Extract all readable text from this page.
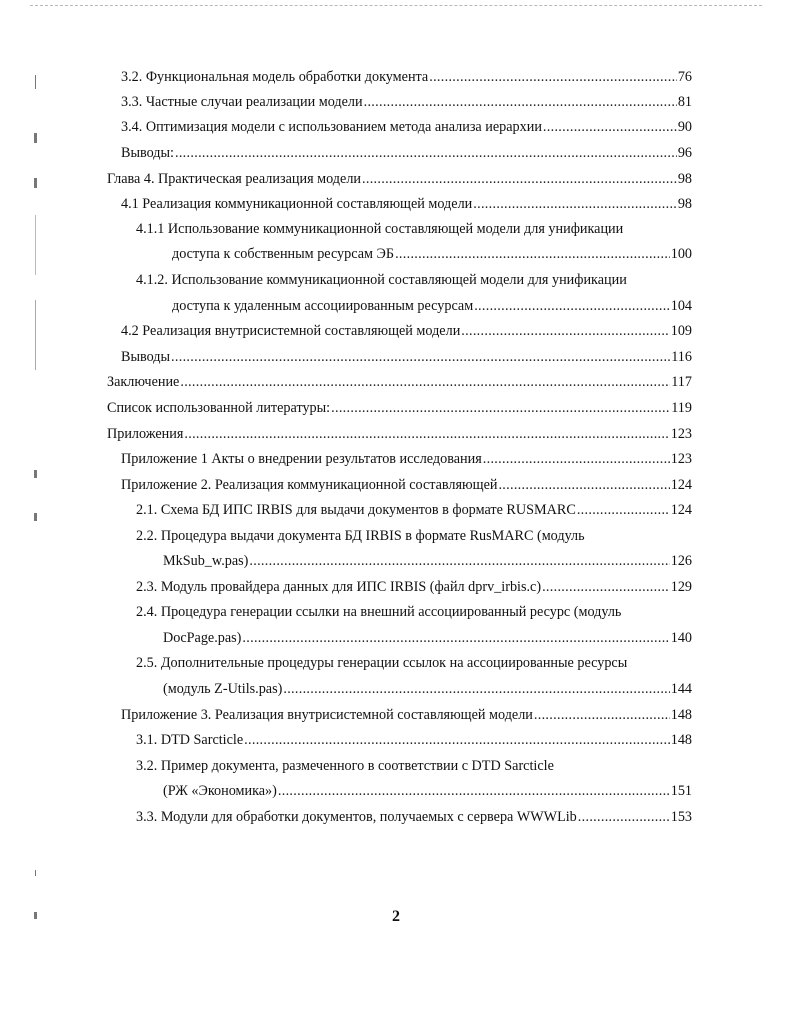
3.2. Функциональная модель обработки документа .....	76
3.3. Частные случаи реализации модели .....	81
3.4. Оптимизация модели с использованием метода анализа иерархии .....	90
Выводы: .....	96
Глава 4. Практическая реализация модели .....	98
4.1 Реализация коммуникационной составляющей модели .....	98
4.1.1 Использование коммуникационной составляющей модели для унификации
доступа к собственным ресурсам ЭБ .....	100
4.1.2. Использование коммуникационной составляющей модели для унификации
доступа к удаленным ассоциированным ресурсам .....	104
4.2 Реализация внутрисистемной составляющей модели .....	109
Выводы .....	116
Заключение .....	117
Список использованной литературы: .....	119
Приложения .....	123
Приложение 1 Акты о внедрении результатов исследования .....	123
Приложение 2. Реализация коммуникационной составляющей .....	124
2.1. Схема БД ИПС IRBIS для выдачи документов в формате RUSMARC .....	124
2.2. Процедура выдачи документа БД IRBIS в формате RusMARC (модуль
MkSub_w.pas) .....	126
2.3. Модуль провайдера данных для ИПС IRBIS (файл dprv_irbis.c) .....	129
2.4. Процедура генерации ссылки на внешний ассоциированный ресурс (модуль
DocPage.pas) .....	140
2.5. Дополнительные процедуры генерации ссылок на ассоциированные ресурсы
(модуль Z-Utils.pas) .....	144
Приложение 3. Реализация внутрисистемной составляющей модели .....	148
3.1. DTD Sarcticle .....	148
3.2. Пример документа, размеченного в соответствии с DTD Sarcticle
(РЖ «Экономика») .....	151
3.3. Модули для обработки документов, получаемых с сервера WWWLib .....	153
2
